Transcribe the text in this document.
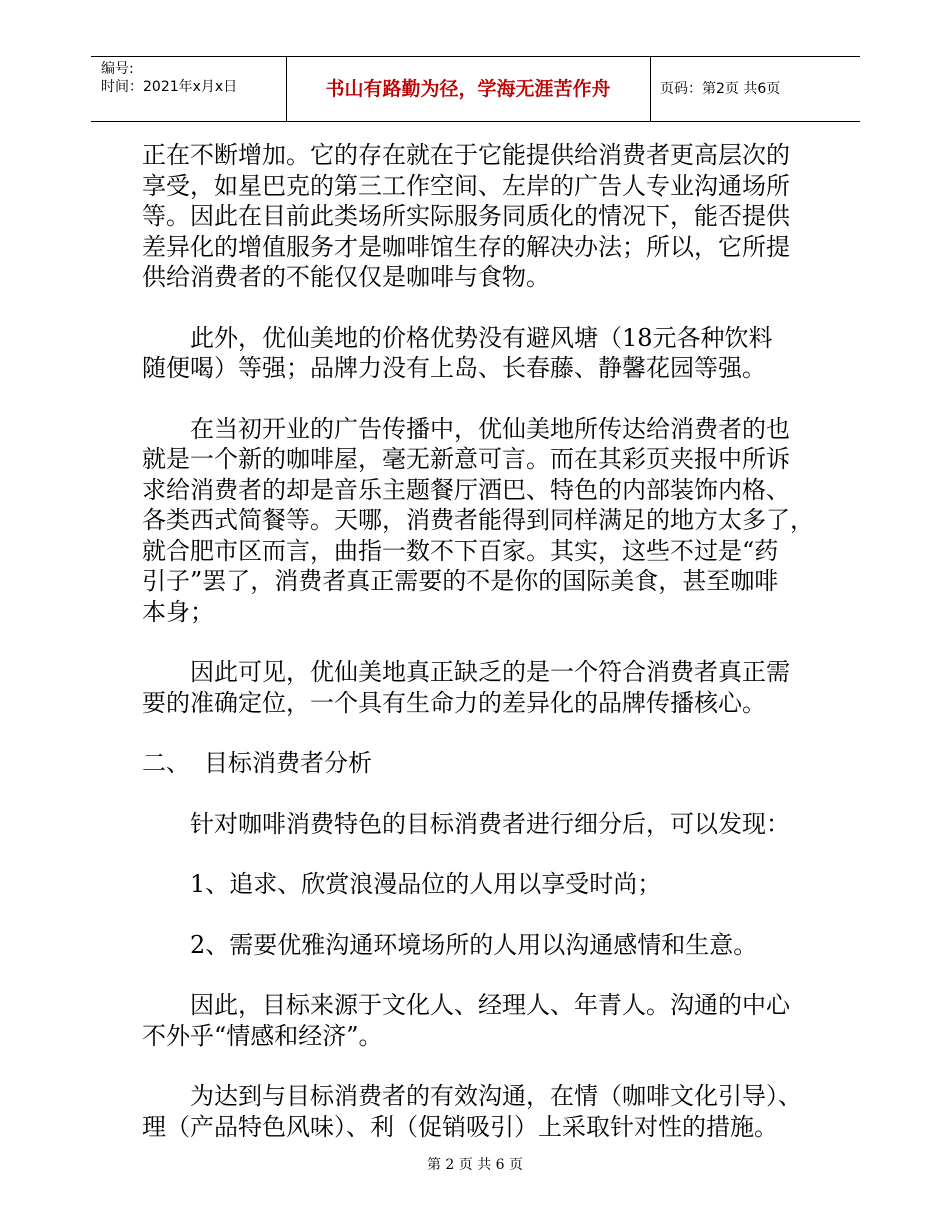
编号:
时间：2021年x月x日	书山有路勤为径，学海无涯苦作舟	页码：第2页 共6页

正在不断增加。它的存在就在于它能提供给消费者更高层次的
享受，如星巴克的第三工作空间、左岸的广告人专业沟通场所
等。因此在目前此类场所实际服务同质化的情况下，能否提供
差异化的增值服务才是咖啡馆生存的解决办法；所以，它所提
供给消费者的不能仅仅是咖啡与食物。

此外，优仙美地的价格优势没有避风塘（18元各种饮料
随便喝）等强；品牌力没有上岛、长春藤、静馨花园等强。

在当初开业的广告传播中，优仙美地所传达给消费者的也
就是一个新的咖啡屋，毫无新意可言。而在其彩页夹报中所诉
求给消费者的却是音乐主题餐厅酒巴、特色的内部装饰内格、
各类西式简餐等。天哪，消费者能得到同样满足的地方太多了，
就合肥市区而言，曲指一数不下百家。其实，这些不过是“药
引子”罢了，消费者真正需要的不是你的国际美食，甚至咖啡
本身；

因此可见，优仙美地真正缺乏的是一个符合消费者真正需
要的准确定位，一个具有生命力的差异化的品牌传播核心。

二、 目标消费者分析

针对咖啡消费特色的目标消费者进行细分后，可以发现：

1、追求、欣赏浪漫品位的人用以享受时尚；

2、需要优雅沟通环境场所的人用以沟通感情和生意。

因此，目标来源于文化人、经理人、年青人。沟通的中心
不外乎“情感和经济”。

为达到与目标消费者的有效沟通，在情（咖啡文化引导）、
理（产品特色风味）、利（促销吸引）上采取针对性的措施。

第 2 页 共 6 页
